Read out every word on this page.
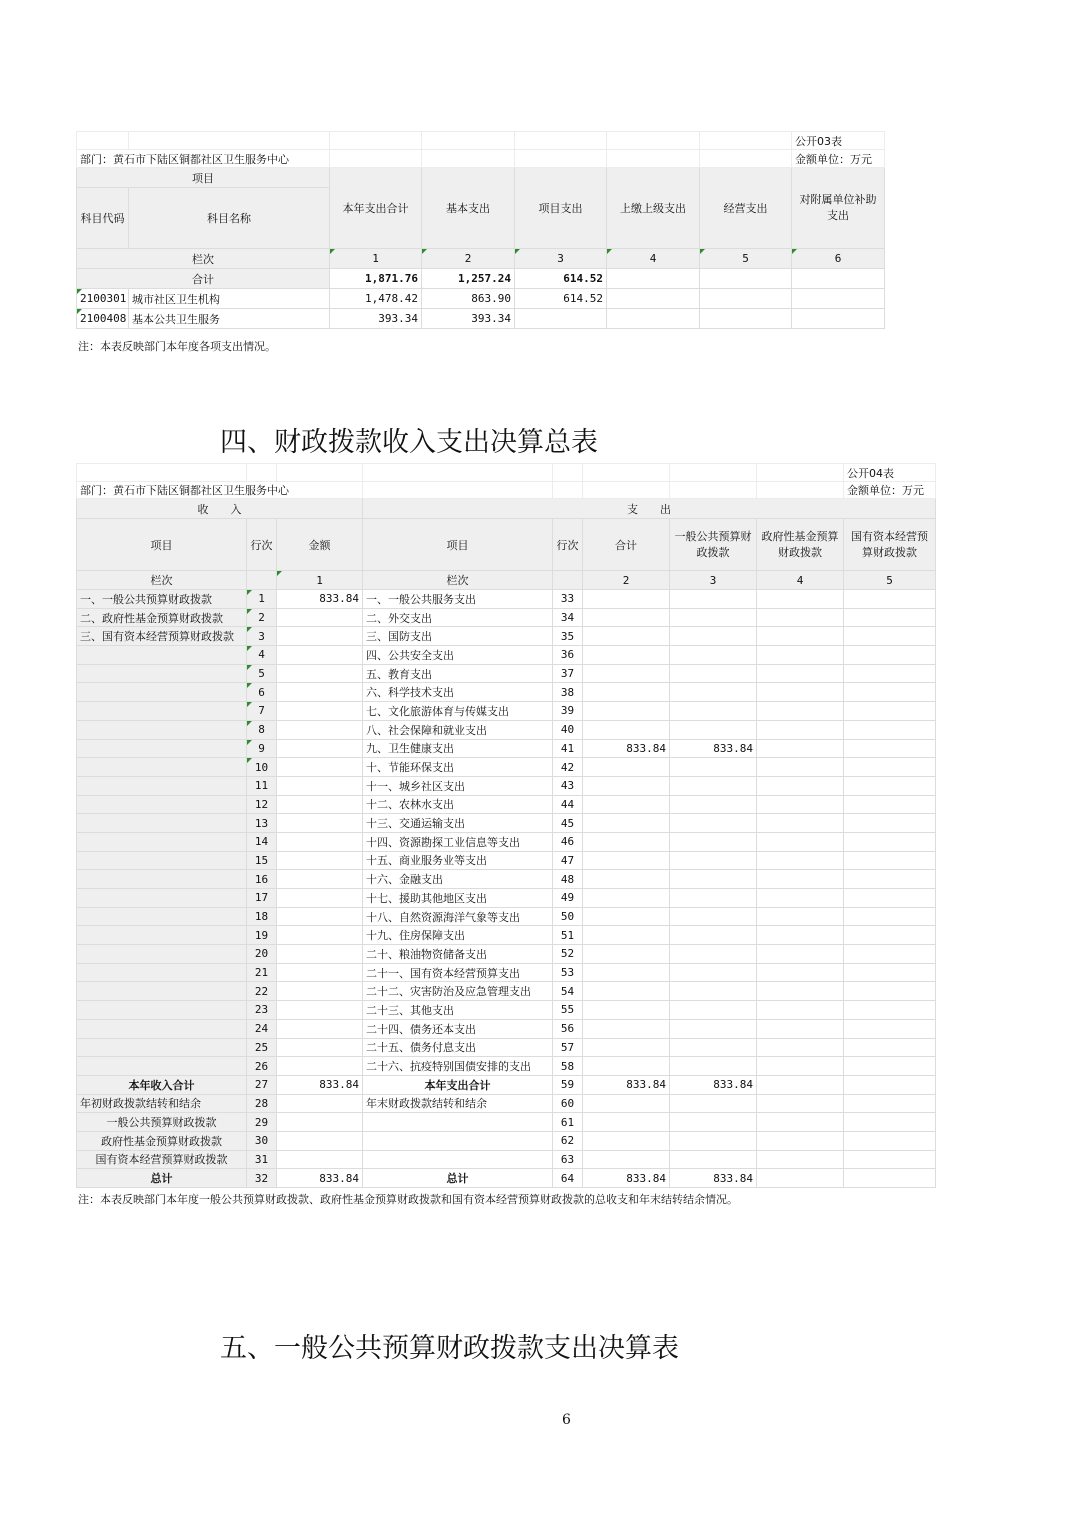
							公开03表
部门：黄石市下陆区铜都社区卫生服务中心							金额单位：万元
项目		本年支出合计	基本支出	项目支出	上缴上级支出	经营支出	对附属单位补助支出
科目代码	科目名称						
栏次		1	2	3	4	5	6
合计		1,871.76	1,257.24	614.52			
2100301	城市社区卫生机构	1,478.42	863.90	614.52			
2100408	基本公共卫生服务	393.34	393.34				
注：本表反映部门本年度各项支出情况。
四、财政拨款收入支出决算总表
								公开04表
部门：黄石市下陆区铜都社区卫生服务中心								金额单位：万元
收　　入			支　　出					
项目	行次	金额	项目	行次	合计	一般公共预算财政拨款	政府性基金预算财政拨款	国有资本经营预算财政拨款
栏次		1	栏次		2	3	4	5
一、一般公共预算财政拨款	1	833.84	一、一般公共服务支出	33				
二、政府性基金预算财政拨款	2		二、外交支出	34				
三、国有资本经营预算财政拨款	3		三、国防支出	35				
	4		四、公共安全支出	36				
	5		五、教育支出	37				
	6		六、科学技术支出	38				
	7		七、文化旅游体育与传媒支出	39				
	8		八、社会保障和就业支出	40				
	9		九、卫生健康支出	41	833.84	833.84		
	10		十、节能环保支出	42				
	11		十一、城乡社区支出	43				
	12		十二、农林水支出	44				
	13		十三、交通运输支出	45				
	14		十四、资源勘探工业信息等支出	46				
	15		十五、商业服务业等支出	47				
	16		十六、金融支出	48				
	17		十七、援助其他地区支出	49				
	18		十八、自然资源海洋气象等支出	50				
	19		十九、住房保障支出	51				
	20		二十、粮油物资储备支出	52				
	21		二十一、国有资本经营预算支出	53				
	22		二十二、灾害防治及应急管理支出	54				
	23		二十三、其他支出	55				
	24		二十四、债务还本支出	56				
	25		二十五、债务付息支出	57				
	26		二十六、抗疫特别国债安排的支出	58				
本年收入合计	27	833.84	本年支出合计	59	833.84	833.84		
年初财政拨款结转和结余	28		年末财政拨款结转和结余	60				
一般公共预算财政拨款	29			61				
政府性基金预算财政拨款	30			62				
国有资本经营预算财政拨款	31			63				
总计	32	833.84	总计	64	833.84	833.84		
注：本表反映部门本年度一般公共预算财政拨款、政府性基金预算财政拨款和国有资本经营预算财政拨款的总收支和年末结转结余情况。
五、一般公共预算财政拨款支出决算表
6
